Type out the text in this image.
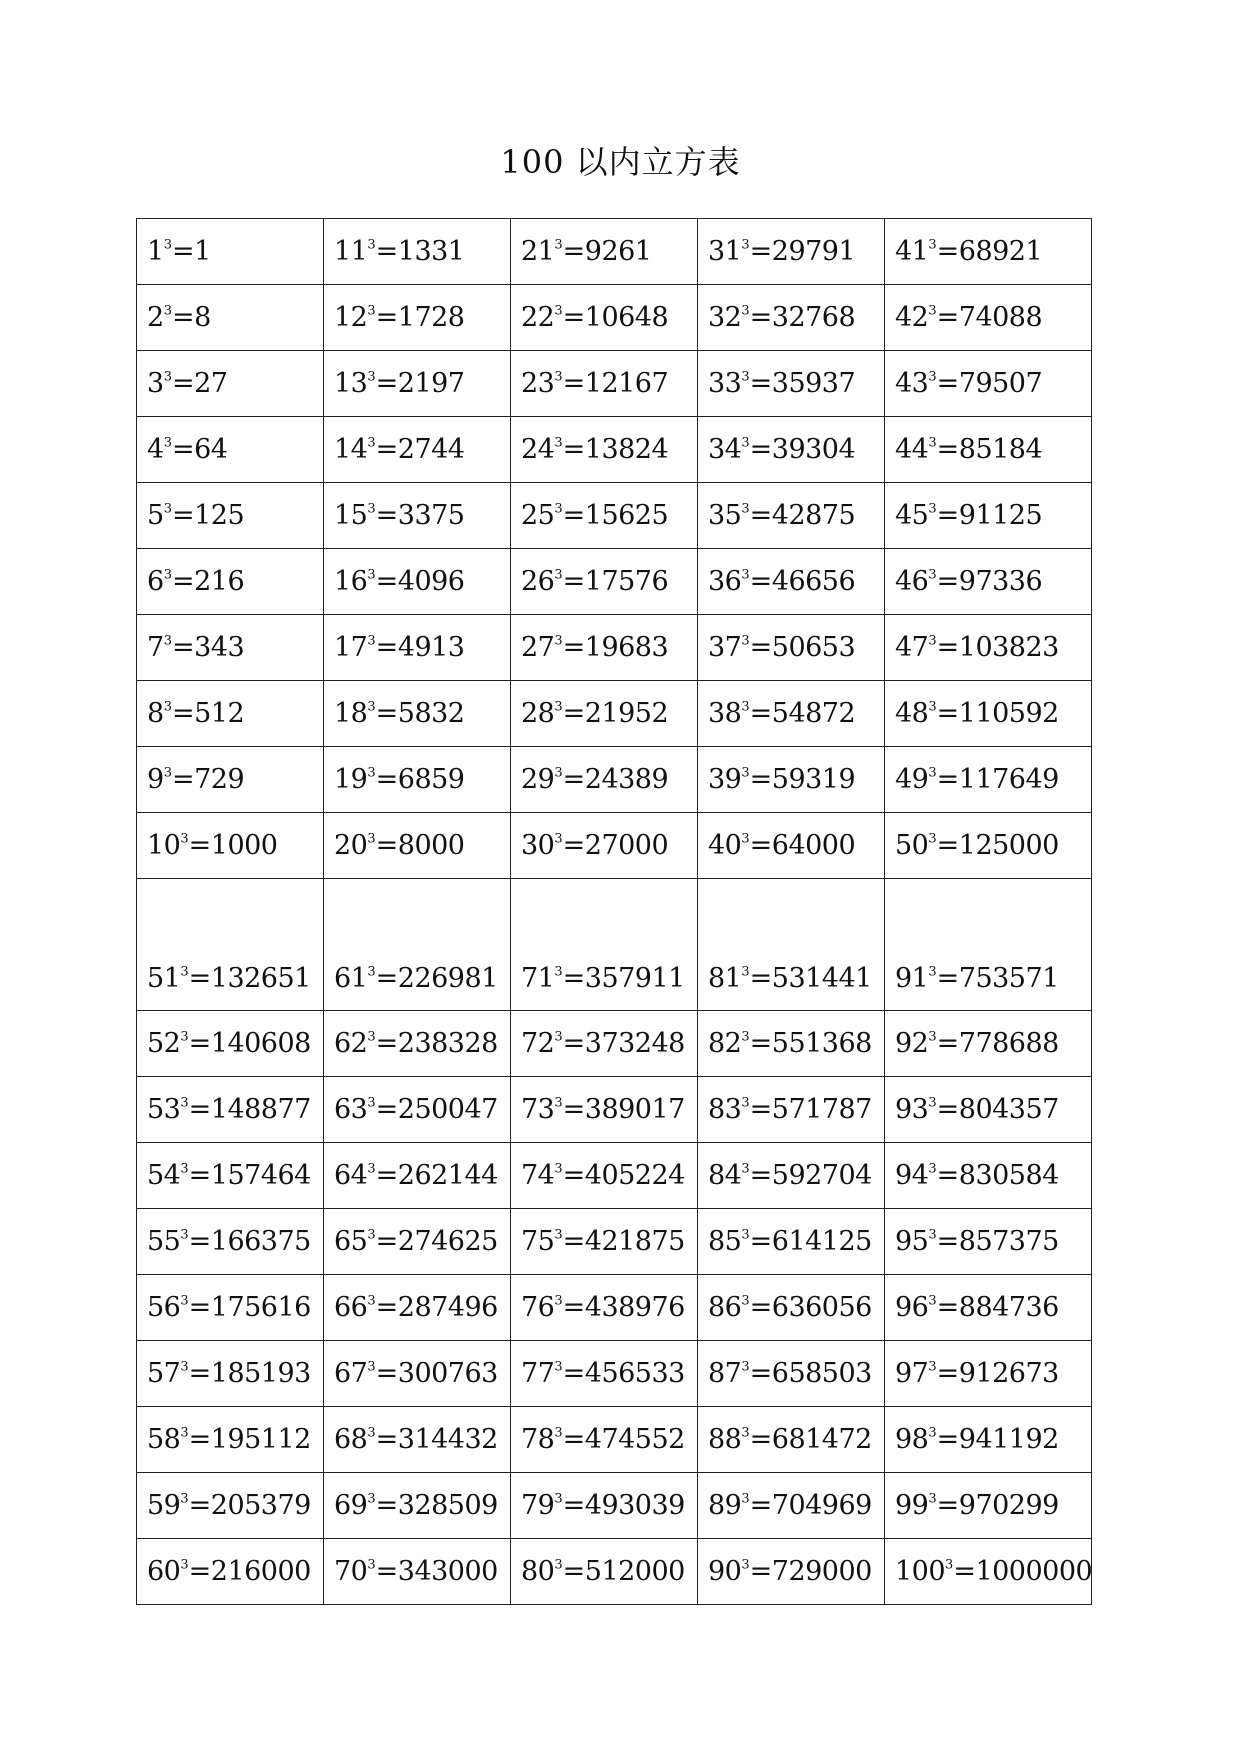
100 以内立方表
$1^3=1$	$11^3=1331$	$21^3=9261$	$31^3=29791$	$41^3=68921$
$2^3=8$	$12^3=1728$	$22^3=10648$	$32^3=32768$	$42^3=74088$
$3^3=27$	$13^3=2197$	$23^3=12167$	$33^3=35937$	$43^3=79507$
$4^3=64$	$14^3=2744$	$24^3=13824$	$34^3=39304$	$44^3=85184$
$5^3=125$	$15^3=3375$	$25^3=15625$	$35^3=42875$	$45^3=91125$
$6^3=216$	$16^3=4096$	$26^3=17576$	$36^3=46656$	$46^3=97336$
$7^3=343$	$17^3=4913$	$27^3=19683$	$37^3=50653$	$47^3=103823$
$8^3=512$	$18^3=5832$	$28^3=21952$	$38^3=54872$	$48^3=110592$
$9^3=729$	$19^3=6859$	$29^3=24389$	$39^3=59319$	$49^3=117649$
$10^3=1000$	$20^3=8000$	$30^3=27000$	$40^3=64000$	$50^3=125000$
$51^3=132651$	$61^3=226981$	$71^3=357911$	$81^3=531441$	$91^3=753571$
$52^3=140608$	$62^3=238328$	$72^3=373248$	$82^3=551368$	$92^3=778688$
$53^3=148877$	$63^3=250047$	$73^3=389017$	$83^3=571787$	$93^3=804357$
$54^3=157464$	$64^3=262144$	$74^3=405224$	$84^3=592704$	$94^3=830584$
$55^3=166375$	$65^3=274625$	$75^3=421875$	$85^3=614125$	$95^3=857375$
$56^3=175616$	$66^3=287496$	$76^3=438976$	$86^3=636056$	$96^3=884736$
$57^3=185193$	$67^3=300763$	$77^3=456533$	$87^3=658503$	$97^3=912673$
$58^3=195112$	$68^3=314432$	$78^3=474552$	$88^3=681472$	$98^3=941192$
$59^3=205379$	$69^3=328509$	$79^3=493039$	$89^3=704969$	$99^3=970299$
$60^3=216000$	$70^3=343000$	$80^3=512000$	$90^3=729000$	$100^3=1000000$
